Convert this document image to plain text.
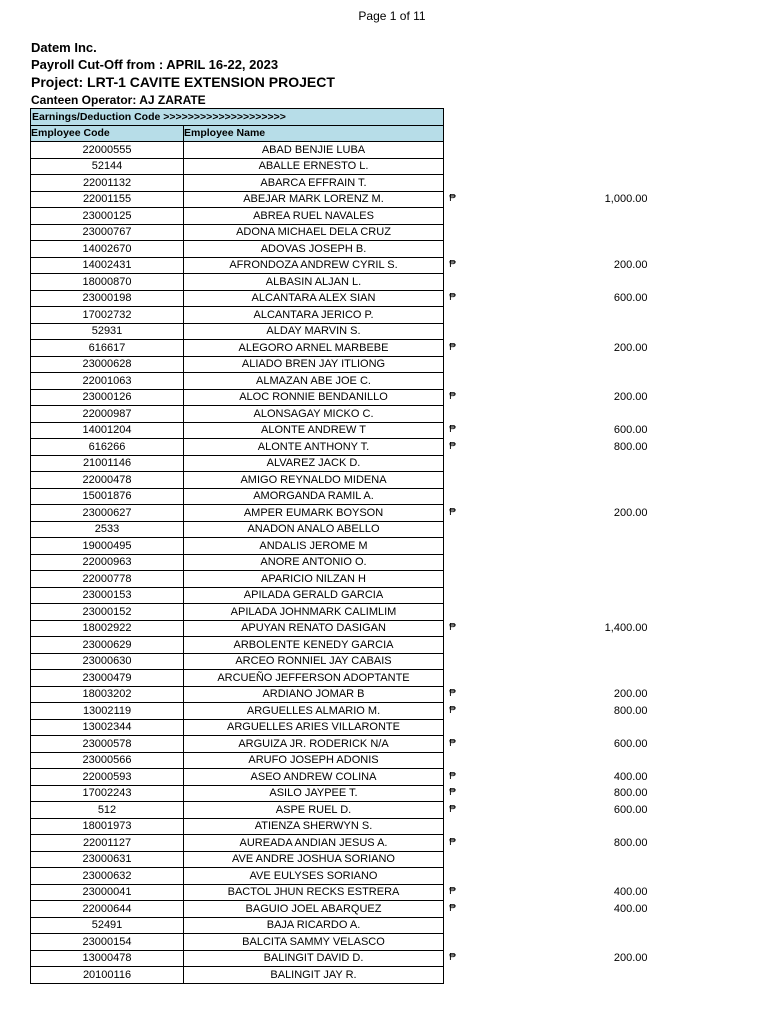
Page 1 of 11
Datem Inc.
Payroll Cut-Off from : APRIL 16-22, 2023
Project: LRT-1 CAVITE EXTENSION PROJECT
Canteen Operator: AJ ZARATE
Earnings/Deduction Code >>>>>>>>>>>>>>>>>>>>			
Employee Code	Employee Name		
22000555	ABAD BENJIE LUBA		
52144	ABALLE ERNESTO L.		
22001132	ABARCA EFFRAIN T.		
22001155	ABEJAR MARK LORENZ M.	₱	1,000.00
23000125	ABREA RUEL NAVALES		
23000767	ADONA MICHAEL DELA CRUZ		
14002670	ADOVAS JOSEPH B.		
14002431	AFRONDOZA ANDREW CYRIL S.	₱	200.00
18000870	ALBASIN ALJAN L.		
23000198	ALCANTARA ALEX SIAN	₱	600.00
17002732	ALCANTARA JERICO P.		
52931	ALDAY MARVIN S.		
616617	ALEGORO ARNEL MARBEBE	₱	200.00
23000628	ALIADO BREN JAY ITLIONG		
22001063	ALMAZAN ABE JOE C.		
23000126	ALOC RONNIE BENDANILLO	₱	200.00
22000987	ALONSAGAY MICKO C.		
14001204	ALONTE ANDREW T	₱	600.00
616266	ALONTE ANTHONY T.	₱	800.00
21001146	ALVAREZ JACK D.		
22000478	AMIGO REYNALDO MIDENA		
15001876	AMORGANDA RAMIL A.		
23000627	AMPER EUMARK BOYSON	₱	200.00
2533	ANADON ANALO ABELLO		
19000495	ANDALIS JEROME M		
22000963	ANORE ANTONIO O.		
22000778	APARICIO NILZAN H		
23000153	APILADA GERALD GARCIA		
23000152	APILADA JOHNMARK CALIMLIM		
18002922	APUYAN RENATO DASIGAN	₱	1,400.00
23000629	ARBOLENTE KENEDY GARCIA		
23000630	ARCEO RONNIEL JAY CABAIS		
23000479	ARCUEÑO JEFFERSON ADOPTANTE		
18003202	ARDIANO JOMAR B	₱	200.00
13002119	ARGUELLES ALMARIO M.	₱	800.00
13002344	ARGUELLES ARIES VILLARONTE		
23000578	ARGUIZA JR. RODERICK N/A	₱	600.00
23000566	ARUFO JOSEPH ADONIS		
22000593	ASEO ANDREW COLINA	₱	400.00
17002243	ASILO JAYPEE T.	₱	800.00
512	ASPE RUEL D.	₱	600.00
18001973	ATIENZA SHERWYN S.		
22001127	AUREADA ANDIAN JESUS A.	₱	800.00
23000631	AVE ANDRE JOSHUA SORIANO		
23000632	AVE EULYSES SORIANO		
23000041	BACTOL JHUN RECKS ESTRERA	₱	400.00
22000644	BAGUIO JOEL ABARQUEZ	₱	400.00
52491	BAJA RICARDO A.		
23000154	BALCITA SAMMY VELASCO		
13000478	BALINGIT DAVID D.	₱	200.00
20100116	BALINGIT JAY R.		
